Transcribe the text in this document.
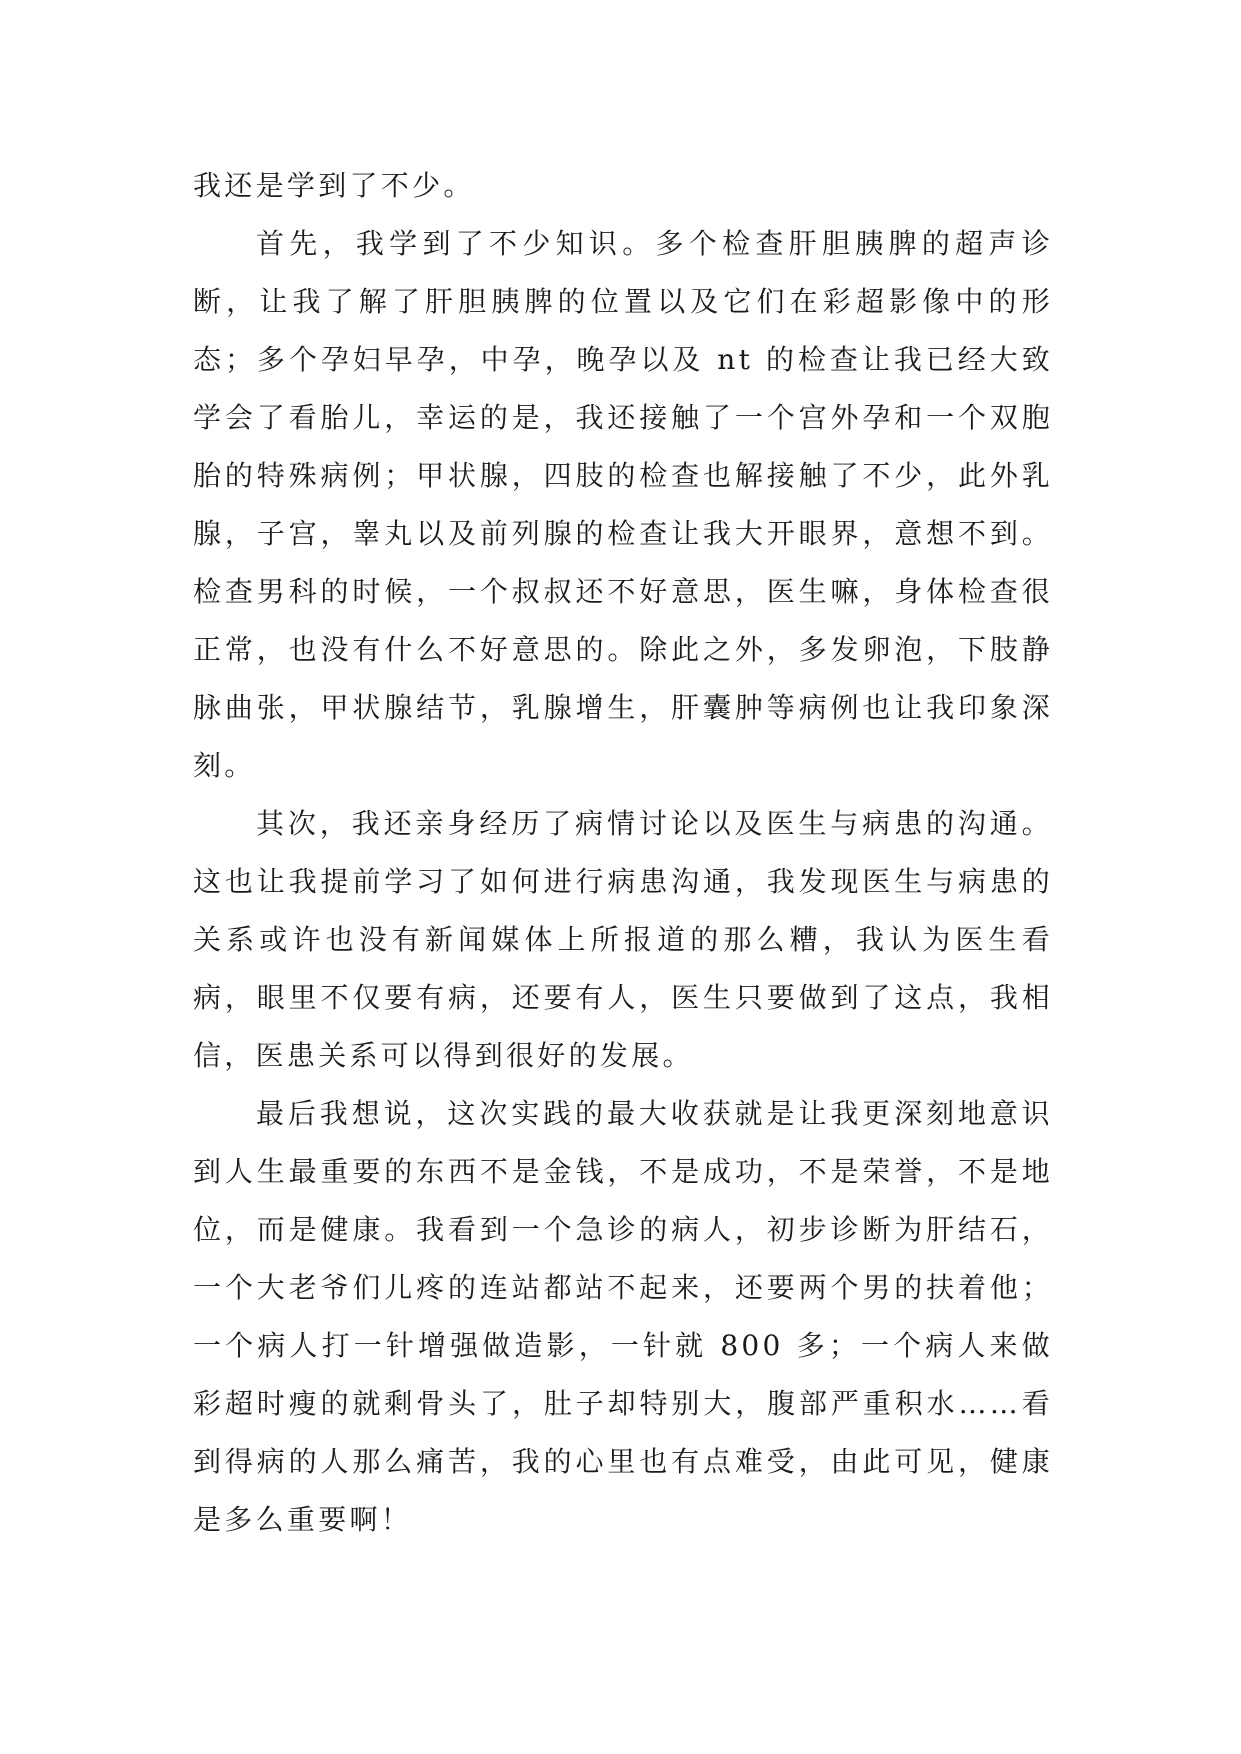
我还是学到了不少。

首先，我学到了不少知识。多个检查肝胆胰脾的超声诊断，让我了解了肝胆胰脾的位置以及它们在彩超影像中的形态；多个孕妇早孕，中孕，晚孕以及 nt 的检查让我已经大致学会了看胎儿，幸运的是，我还接触了一个宫外孕和一个双胞胎的特殊病例；甲状腺，四肢的检查也解接触了不少，此外乳腺，子宫，睾丸以及前列腺的检查让我大开眼界，意想不到。检查男科的时候，一个叔叔还不好意思，医生嘛，身体检查很正常，也没有什么不好意思的。除此之外，多发卵泡，下肢静脉曲张，甲状腺结节，乳腺增生，肝囊肿等病例也让我印象深刻。

其次，我还亲身经历了病情讨论以及医生与病患的沟通。这也让我提前学习了如何进行病患沟通，我发现医生与病患的关系或许也没有新闻媒体上所报道的那么糟，我认为医生看病，眼里不仅要有病，还要有人，医生只要做到了这点，我相信，医患关系可以得到很好的发展。

最后我想说，这次实践的最大收获就是让我更深刻地意识到人生最重要的东西不是金钱，不是成功，不是荣誉，不是地位，而是健康。我看到一个急诊的病人，初步诊断为肝结石，一个大老爷们儿疼的连站都站不起来，还要两个男的扶着他；一个病人打一针增强做造影，一针就 800 多；一个病人来做彩超时瘦的就剩骨头了，肚子却特别大，腹部严重积水……看到得病的人那么痛苦，我的心里也有点难受，由此可见，健康是多么重要啊！
